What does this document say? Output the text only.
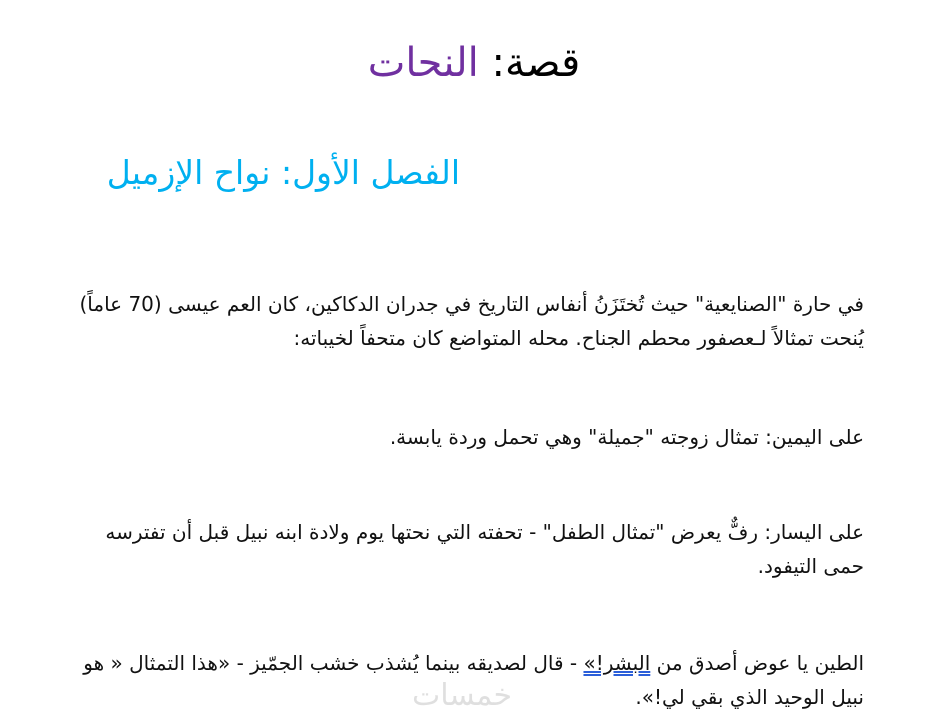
قصة: النحات
الفصل الأول: نواح الإزميل

في حارة "الصنايعية" حيث تُختَزَنُ أنفاس التاريخ في جدران الدكاكين، كان العم عيسى (70 عاماً) يُنحت تمثالاً لـعصفور محطم الجناح. محله المتواضع كان متحفاً لخيباته:

على اليمين: تمثال زوجته "جميلة" وهي تحمل وردة يابسة.

على اليسار: رفٌّ يعرض "تمثال الطفل" - تحفته التي نحتها يوم ولادة ابنه نبيل قبل أن تفترسه حمى التيفود.

الطين يا عوض أصدق من البشر!» - قال لصديقه بينما يُشذب خشب الجمّيز - «هذا التمثال « هو نبيل الوحيد الذي بقي لي!».

خمسات
